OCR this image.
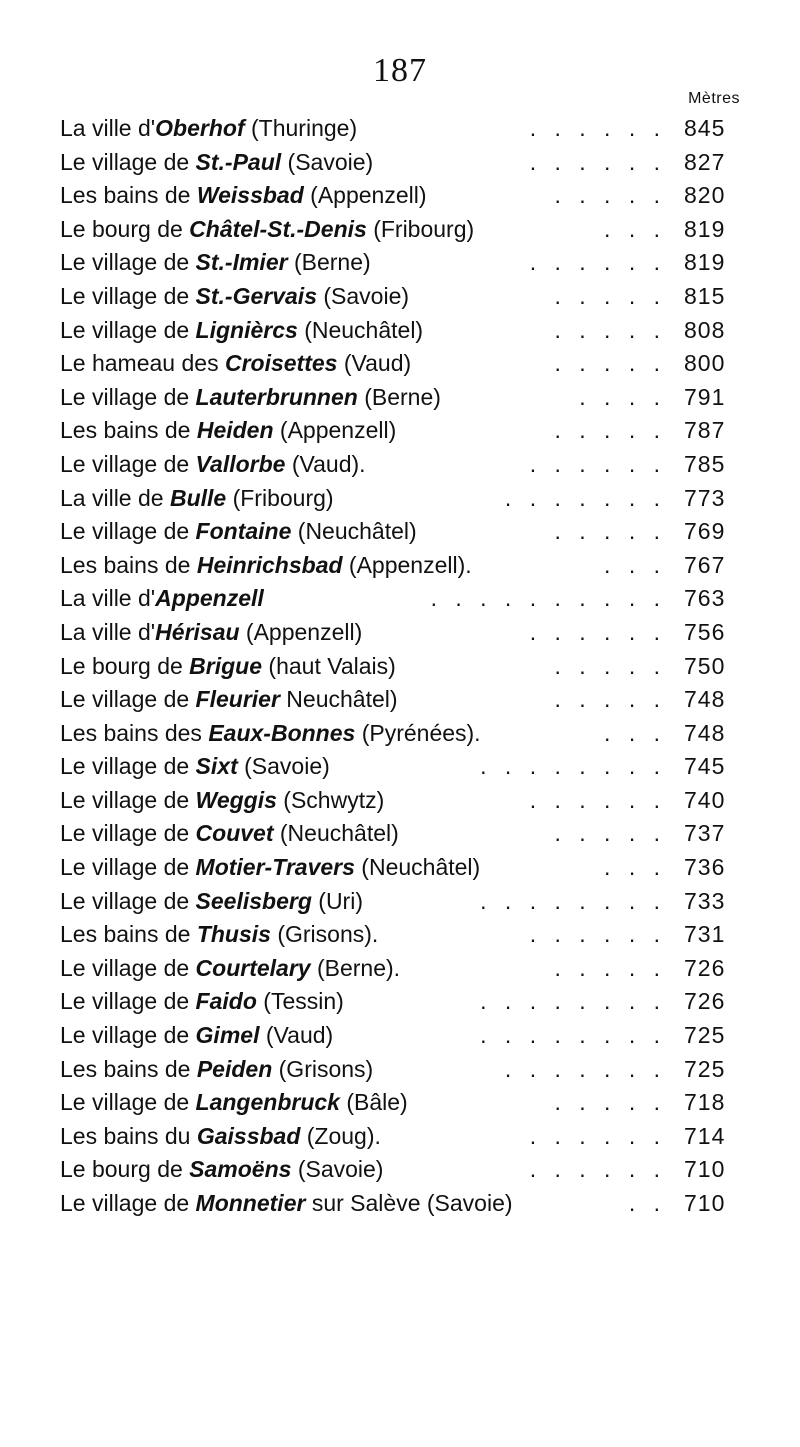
187
Mètres
La ville d'Oberhof (Thuringe)	. . . . . . 845
Le village de St.-Paul (Savoie)	. . . . . . 827
Les bains de Weissbad (Appenzell)	. . . . . 820
Le bourg de Châtel-St.-Denis (Fribourg)	. . . 819
Le village de St.-Imier (Berne)	. . . . . . 819
Le village de St.-Gervais (Savoie)	. . . . . 815
Le village de Lignièrcs (Neuchâtel)	. . . . . 808
Le hameau des Croisettes (Vaud)	. . . . . 800
Le village de Lauterbrunnen (Berne)	. . . . 791
Les bains de Heiden (Appenzell)	. . . . . 787
Le village de Vallorbe (Vaud).	. . . . . . 785
La ville de Bulle (Fribourg)	. . . . . . . 773
Le village de Fontaine (Neuchâtel)	. . . . . 769
Les bains de Heinrichsbad (Appenzell).	. . . 767
La ville d'Appenzell	. . . . . . . . . . 763
La ville d'Hérisau (Appenzell)	. . . . . . 756
Le bourg de Brigue (haut Valais)	. . . . . 750
Le village de Fleurier Neuchâtel)	. . . . . 748
Les bains des Eaux-Bonnes (Pyrénées).	. . . 748
Le village de Sixt (Savoie)	. . . . . . . . 745
Le village de Weggis (Schwytz)	. . . . . . 740
Le village de Couvet (Neuchâtel)	. . . . . 737
Le village de Motier-Travers (Neuchâtel)	. . . 736
Le village de Seelisberg (Uri)	. . . . . . . . 733
Les bains de Thusis (Grisons).	. . . . . . 731
Le village de Courtelary (Berne).	. . . . . 726
Le village de Faido (Tessin)	. . . . . . . . 726
Le village de Gimel (Vaud)	. . . . . . . . 725
Les bains de Peiden (Grisons)	. . . . . . . 725
Le village de Langenbruck (Bâle)	. . . . . 718
Les bains du Gaissbad (Zoug).	. . . . . . 714
Le bourg de Samoëns (Savoie)	. . . . . . 710
Le village de Monnetier sur Salève (Savoie)	. . 710
